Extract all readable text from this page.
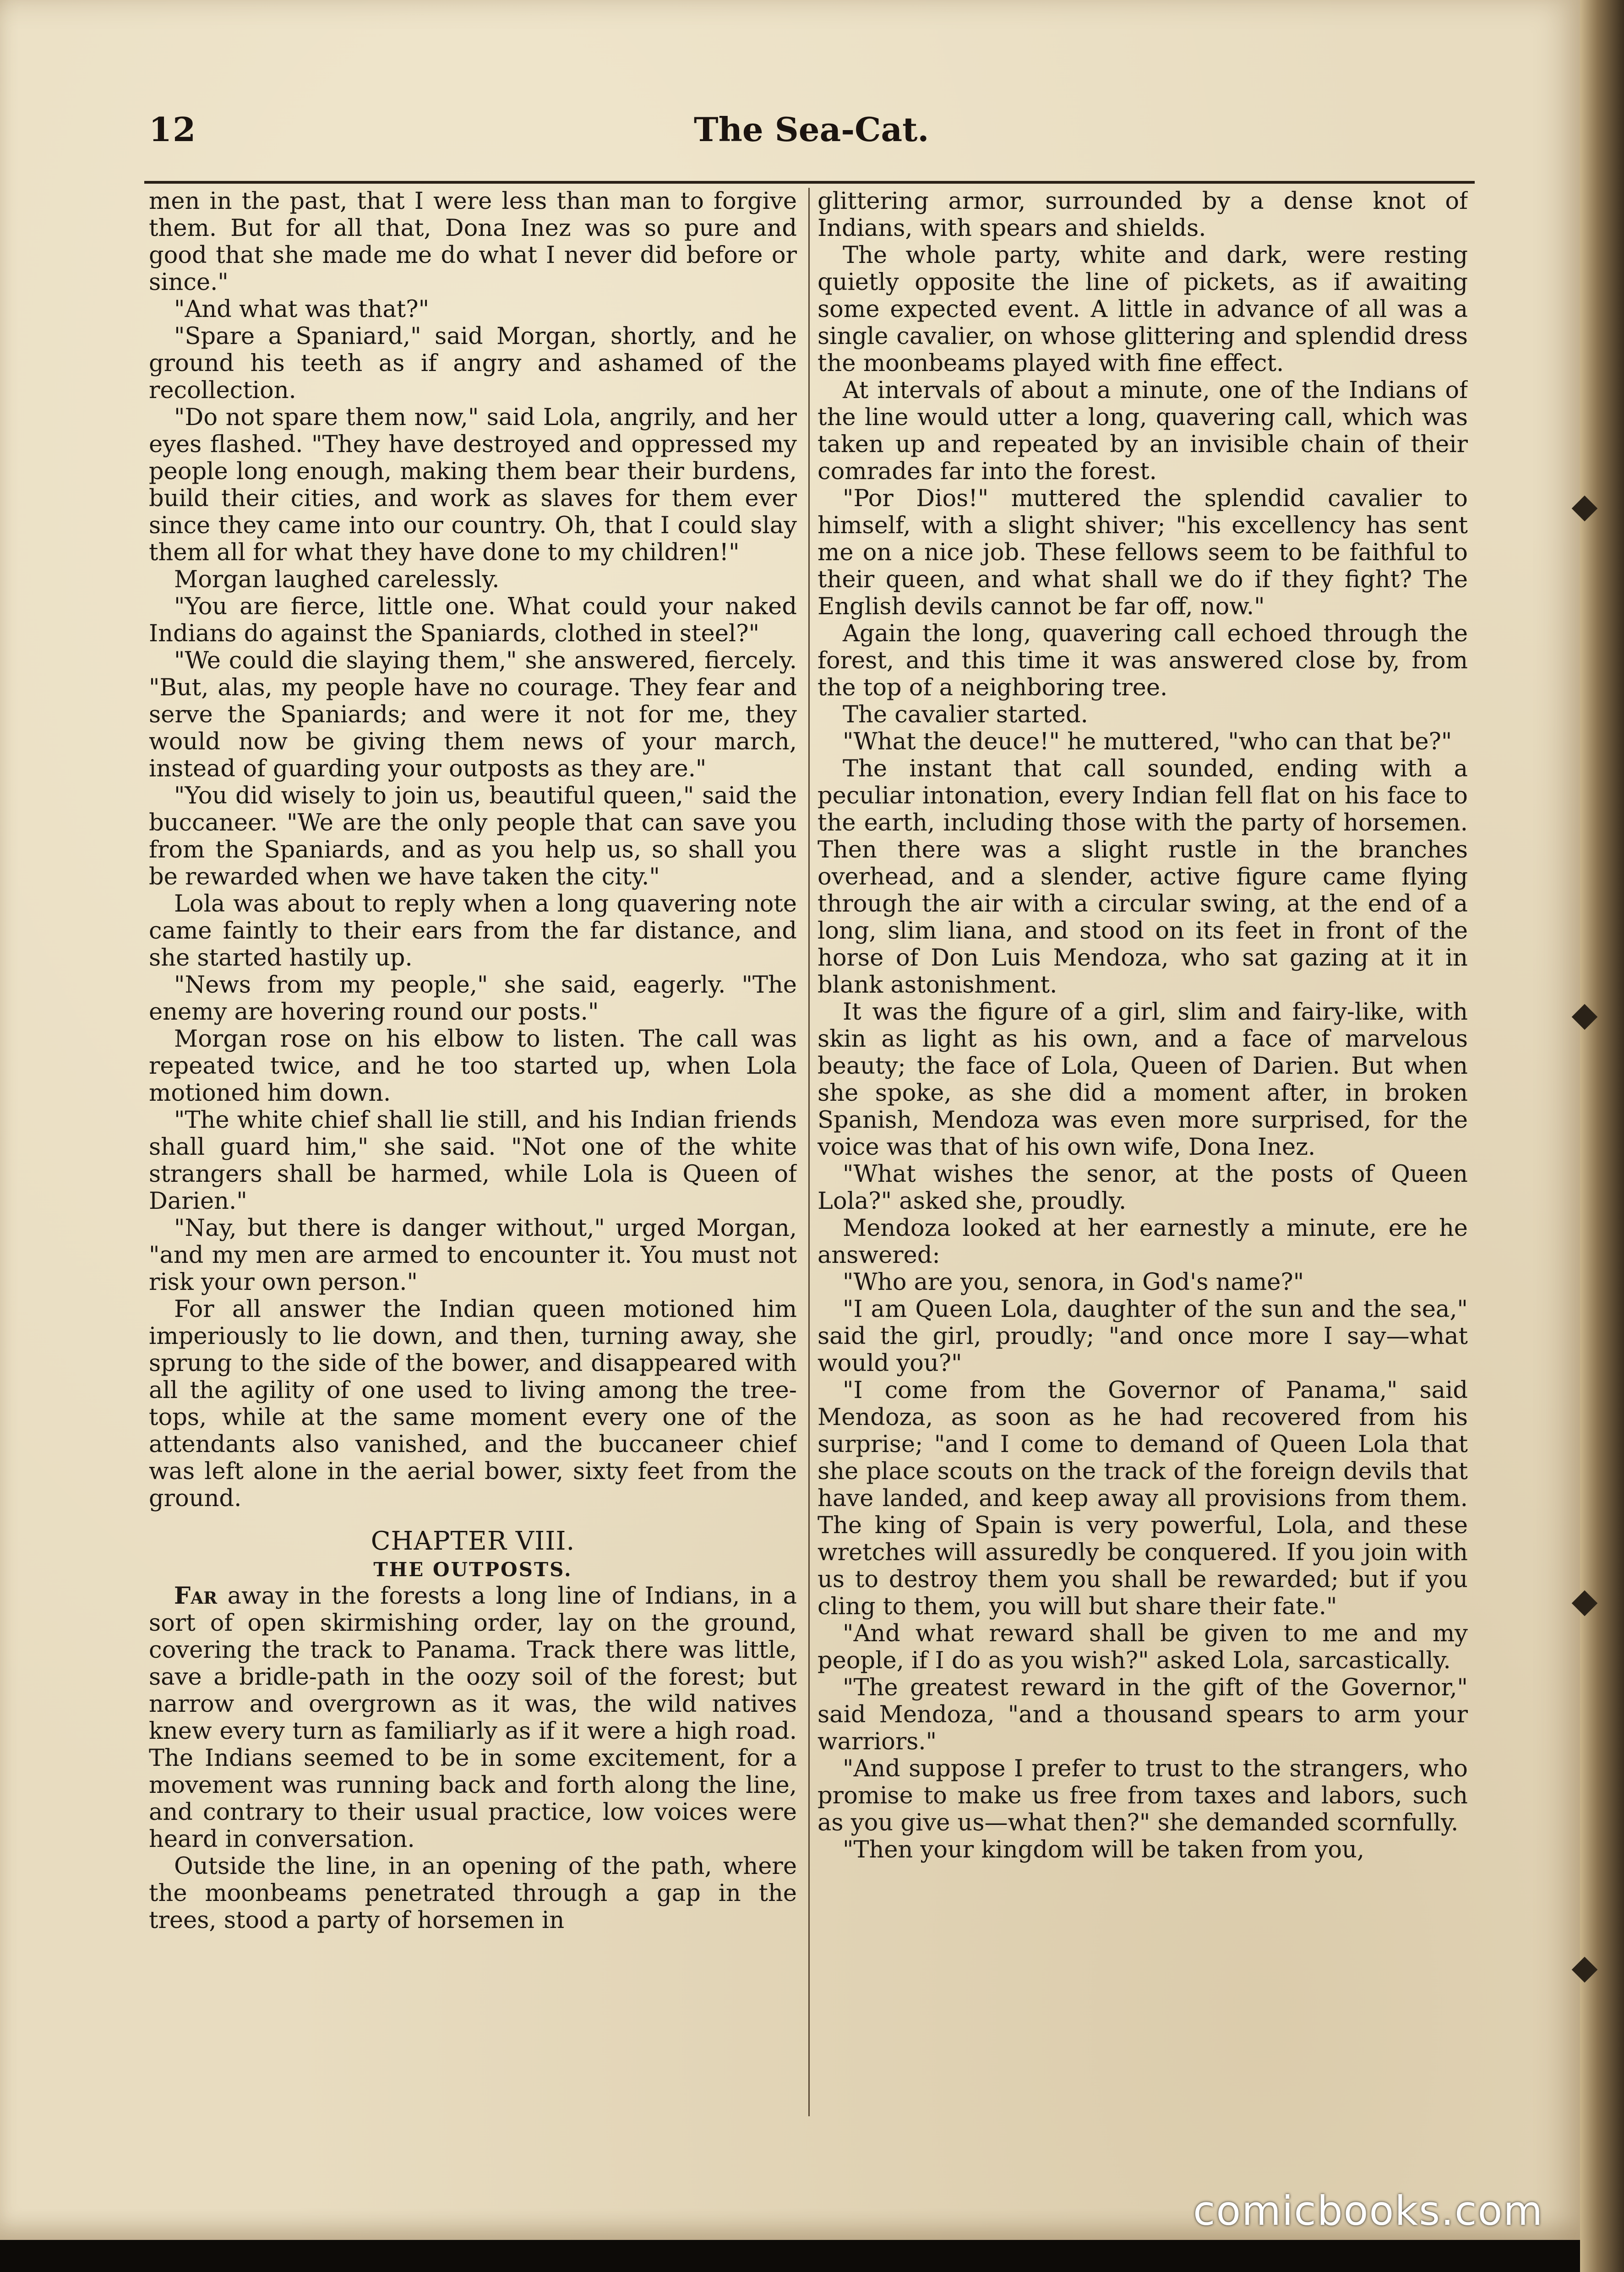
12	The Sea-Cat.

men in the past, that I were less than man to forgive them. But for all that, Dona Inez was so pure and good that she made me do what I never did before or since."

"And what was that?"

"Spare a Spaniard," said Morgan, shortly, and he ground his teeth as if angry and ashamed of the recollection.

"Do not spare them now," said Lola, angrily, and her eyes flashed. "They have destroyed and oppressed my people long enough, making them bear their burdens, build their cities, and work as slaves for them ever since they came into our country. Oh, that I could slay them all for what they have done to my children!"

Morgan laughed carelessly.

"You are fierce, little one. What could your naked Indians do against the Spaniards, clothed in steel?"

"We could die slaying them," she answered, fiercely. "But, alas, my people have no courage. They fear and serve the Spaniards; and were it not for me, they would now be giving them news of your march, instead of guarding your outposts as they are."

"You did wisely to join us, beautiful queen," said the buccaneer. "We are the only people that can save you from the Spaniards, and as you help us, so shall you be rewarded when we have taken the city."

Lola was about to reply when a long quavering note came faintly to their ears from the far distance, and she started hastily up.

"News from my people," she said, eagerly. "The enemy are hovering round our posts."

Morgan rose on his elbow to listen. The call was repeated twice, and he too started up, when Lola motioned him down.

"The white chief shall lie still, and his Indian friends shall guard him," she said. "Not one of the white strangers shall be harmed, while Lola is Queen of Darien."

"Nay, but there is danger without," urged Morgan, "and my men are armed to encounter it. You must not risk your own person."

For all answer the Indian queen motioned him imperiously to lie down, and then, turning away, she sprung to the side of the bower, and disappeared with all the agility of one used to living among the tree-tops, while at the same moment every one of the attendants also vanished, and the buccaneer chief was left alone in the aerial bower, sixty feet from the ground.

CHAPTER VIII.
THE OUTPOSTS.

Far away in the forests a long line of Indians, in a sort of open skirmishing order, lay on the ground, covering the track to Panama. Track there was little, save a bridle-path in the oozy soil of the forest; but narrow and overgrown as it was, the wild natives knew every turn as familiarly as if it were a high road. The Indians seemed to be in some excitement, for a movement was running back and forth along the line, and contrary to their usual practice, low voices were heard in conversation.

Outside the line, in an opening of the path, where the moonbeams penetrated through a gap in the trees, stood a party of horsemen in

glittering armor, surrounded by a dense knot of Indians, with spears and shields.

The whole party, white and dark, were resting quietly opposite the line of pickets, as if awaiting some expected event. A little in advance of all was a single cavalier, on whose glittering and splendid dress the moonbeams played with fine effect.

At intervals of about a minute, one of the Indians of the line would utter a long, quavering call, which was taken up and repeated by an invisible chain of their comrades far into the forest.

"Por Dios!" muttered the splendid cavalier to himself, with a slight shiver; "his excellency has sent me on a nice job. These fellows seem to be faithful to their queen, and what shall we do if they fight? The English devils cannot be far off, now."

Again the long, quavering call echoed through the forest, and this time it was answered close by, from the top of a neighboring tree.

The cavalier started.

"What the deuce!" he muttered, "who can that be?"

The instant that call sounded, ending with a peculiar intonation, every Indian fell flat on his face to the earth, including those with the party of horsemen. Then there was a slight rustle in the branches overhead, and a slender, active figure came flying through the air with a circular swing, at the end of a long, slim liana, and stood on its feet in front of the horse of Don Luis Mendoza, who sat gazing at it in blank astonishment.

It was the figure of a girl, slim and fairy-like, with skin as light as his own, and a face of marvelous beauty; the face of Lola, Queen of Darien. But when she spoke, as she did a moment after, in broken Spanish, Mendoza was even more surprised, for the voice was that of his own wife, Dona Inez.

"What wishes the senor, at the posts of Queen Lola?" asked she, proudly.

Mendoza looked at her earnestly a minute, ere he answered:

"Who are you, senora, in God's name?"

"I am Queen Lola, daughter of the sun and the sea," said the girl, proudly; "and once more I say—what would you?"

"I come from the Governor of Panama," said Mendoza, as soon as he had recovered from his surprise; "and I come to demand of Queen Lola that she place scouts on the track of the foreign devils that have landed, and keep away all provisions from them. The king of Spain is very powerful, Lola, and these wretches will assuredly be conquered. If you join with us to destroy them you shall be rewarded; but if you cling to them, you will but share their fate."

"And what reward shall be given to me and my people, if I do as you wish?" asked Lola, sarcastically.

"The greatest reward in the gift of the Governor," said Mendoza, "and a thousand spears to arm your warriors."

"And suppose I prefer to trust to the strangers, who promise to make us free from taxes and labors, such as you give us—what then?" she demanded scornfully.

"Then your kingdom will be taken from you,

comicbooks.com
